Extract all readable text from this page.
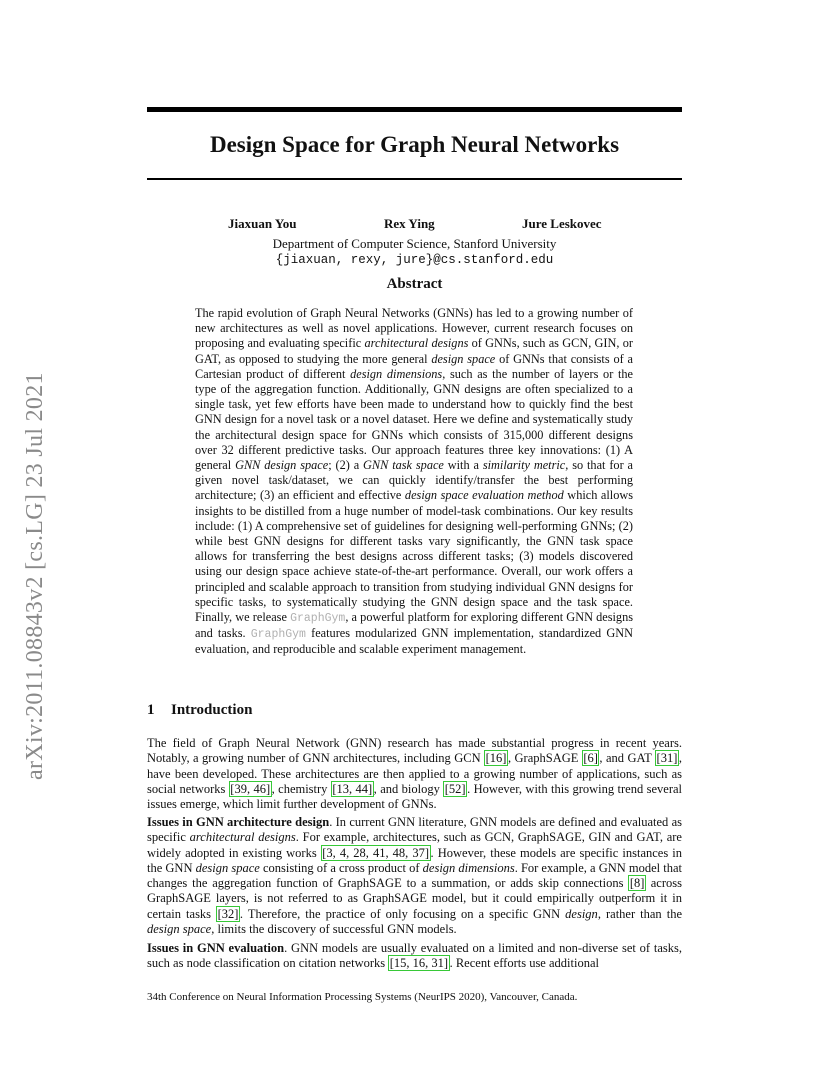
arXiv:2011.08843v2 [cs.LG] 23 Jul 2021
Design Space for Graph Neural Networks
Jiaxuan You	Rex Ying	Jure Leskovec
Department of Computer Science, Stanford University
{jiaxuan, rexy, jure}@cs.stanford.edu
Abstract
The rapid evolution of Graph Neural Networks (GNNs) has led to a growing number of new architectures as well as novel applications. However, current research focuses on proposing and evaluating specific architectural designs of GNNs, such as GCN, GIN, or GAT, as opposed to studying the more general design space of GNNs that consists of a Cartesian product of different design dimensions, such as the number of layers or the type of the aggregation function. Additionally, GNN designs are often specialized to a single task, yet few efforts have been made to understand how to quickly find the best GNN design for a novel task or a novel dataset. Here we define and systematically study the architectural design space for GNNs which consists of 315,000 different designs over 32 different predictive tasks. Our approach features three key innovations: (1) A general GNN design space; (2) a GNN task space with a similarity metric, so that for a given novel task/dataset, we can quickly identify/transfer the best performing architecture; (3) an efficient and effective design space evaluation method which allows insights to be distilled from a huge number of model-task combinations. Our key results include: (1) A comprehensive set of guidelines for designing well-performing GNNs; (2) while best GNN designs for different tasks vary significantly, the GNN task space allows for transferring the best designs across different tasks; (3) models discovered using our design space achieve state-of-the-art performance. Overall, our work offers a principled and scalable approach to transition from studying individual GNN designs for specific tasks, to systematically studying the GNN design space and the task space. Finally, we release GraphGym, a powerful platform for exploring different GNN designs and tasks. GraphGym features modularized GNN implementation, standardized GNN evaluation, and reproducible and scalable experiment management.
1 Introduction
The field of Graph Neural Network (GNN) research has made substantial progress in recent years. Notably, a growing number of GNN architectures, including GCN [16] , GraphSAGE [6] , and GAT [31] , have been developed. These architectures are then applied to a growing number of applications, such as social networks [39, 46] , chemistry [13, 44] , and biology [52] . However, with this growing trend several issues emerge, which limit further development of GNNs.
Issues in GNN architecture design. In current GNN literature, GNN models are defined and evaluated as specific architectural designs. For example, architectures, such as GCN, GraphSAGE, GIN and GAT, are widely adopted in existing works [3, 4, 28, 41, 48, 37] . However, these models are specific instances in the GNN design space consisting of a cross product of design dimensions. For example, a GNN model that changes the aggregation function of GraphSAGE to a summation, or adds skip connections [8] across GraphSAGE layers, is not referred to as GraphSAGE model, but it could empirically outperform it in certain tasks [32] . Therefore, the practice of only focusing on a specific GNN design, rather than the design space, limits the discovery of successful GNN models.
Issues in GNN evaluation. GNN models are usually evaluated on a limited and non-diverse set of tasks, such as node classification on citation networks [15, 16, 31] . Recent efforts use additional
34th Conference on Neural Information Processing Systems (NeurIPS 2020), Vancouver, Canada.
